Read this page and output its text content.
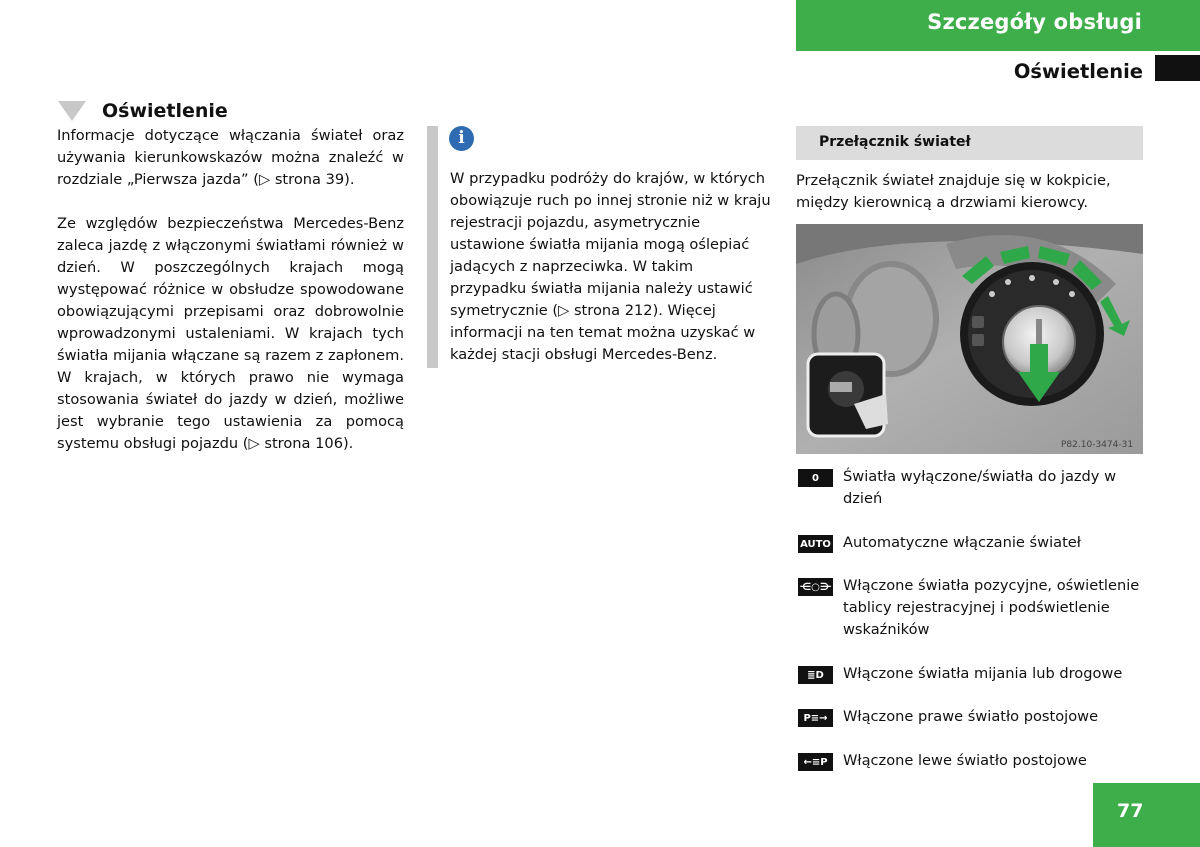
Szczegóły obsługi
Oświetlenie
Oświetlenie

Informacje dotyczące włączania świateł oraz używania kierunkowskazów można znaleźć w rozdziale „Pierwsza jazda” (▷ strona 39).

Ze względów bezpieczeństwa Mercedes-Benz zaleca jazdę z włączonymi światłami również w dzień. W poszczególnych krajach mogą występować różnice w obsłudze spowodowane obowiązującymi przepisami oraz dobrowolnie wprowadzonymi ustaleniami. W krajach tych światła mijania włączane są razem z zapłonem. W krajach, w których prawo nie wymaga stosowania świateł do jazdy w dzień, możliwe jest wybranie tego ustawienia za pomocą systemu obsługi pojazdu (▷ strona 106).

i

W przypadku podróży do krajów, w których obowiązuje ruch po innej stronie niż w kraju rejestracji pojazdu, asymetrycznie ustawione światła mijania mogą oślepiać jadących z naprzeciwka. W takim przypadku światła mijania należy ustawić symetrycznie (▷ strona 212). Więcej informacji na ten temat można uzyskać w każdej stacji obsługi Mercedes-Benz.

Przełącznik świateł

Przełącznik świateł znajduje się w kokpicie, między kierownicą a drzwiami kierowcy.

P82.10-3474-31
0	Światła wyłączone/światła do jazdy w dzień
AUTO Automatyczne włączanie świateł
⋲○⋺ Włączone światła pozycyjne, oświetlenie tablicy rejestracyjnej i podświetlenie wskaźników
≣D	Włączone światła mijania lub drogowe
P≡→	Włączone prawe światło postojowe
←≡P	Włączone lewe światło postojowe
77
